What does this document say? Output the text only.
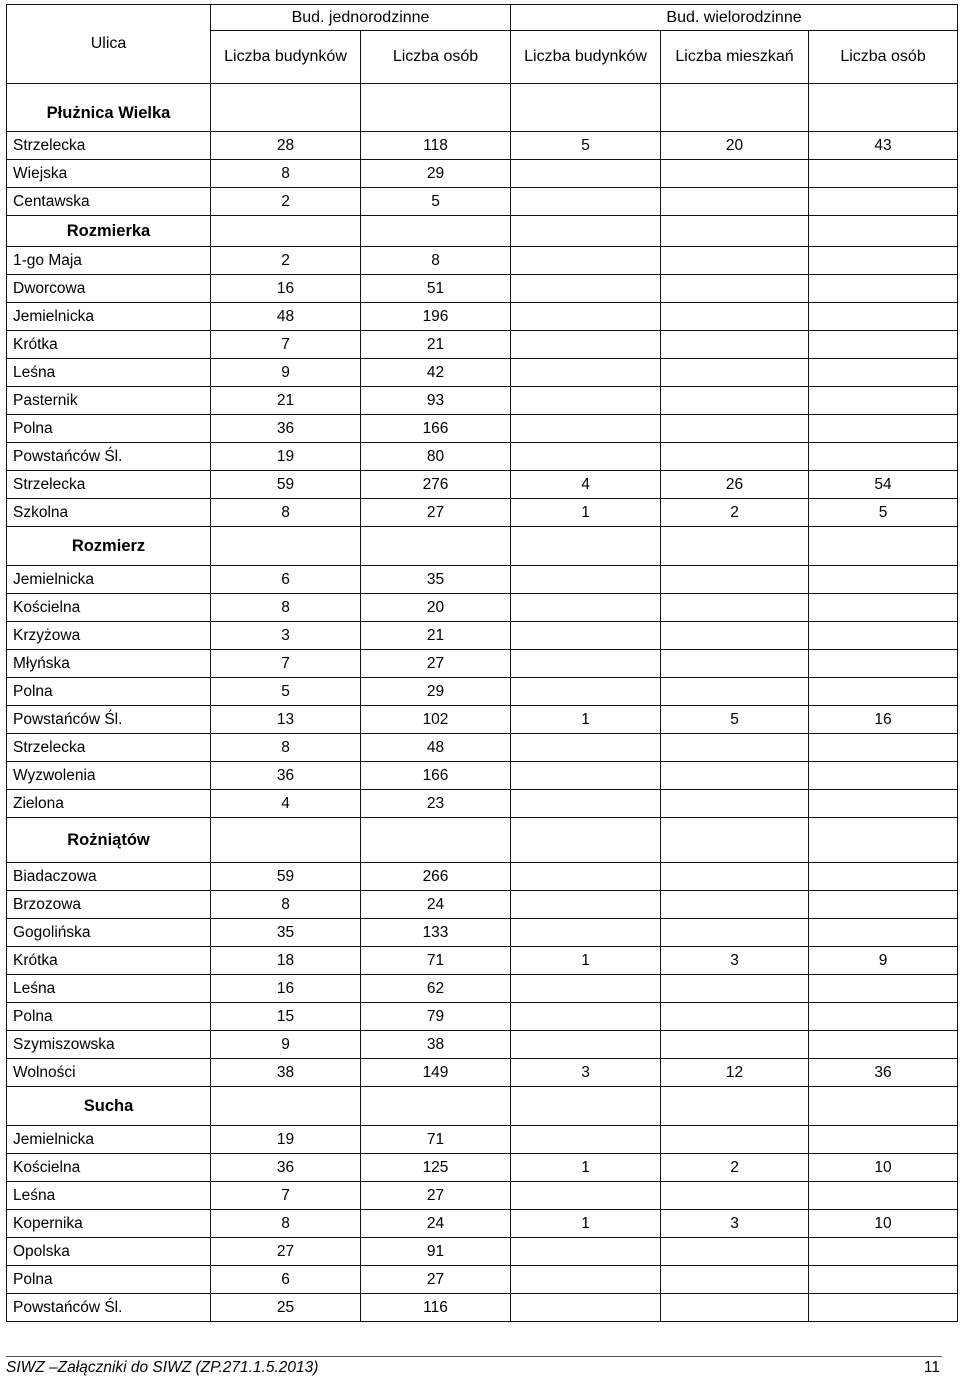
Ulica	Bud. jednorodzinne		Bud. wielorodzinne		
	Liczba budynków	Liczba osób	Liczba budynków	Liczba mieszkań	Liczba osób
Płużnica Wielka					
Strzelecka	28	118	5	20	43
Wiejska	8	29			
Centawska	2	5			
Rozmierka					
1-go Maja	2	8			
Dworcowa	16	51			
Jemielnicka	48	196			
Krótka	7	21			
Leśna	9	42			
Pasternik	21	93			
Polna	36	166			
Powstańców Śl.	19	80			
Strzelecka	59	276	4	26	54
Szkolna	8	27	1	2	5
Rozmierz					
Jemielnicka	6	35			
Kościelna	8	20			
Krzyżowa	3	21			
Młyńska	7	27			
Polna	5	29			
Powstańców Śl.	13	102	1	5	16
Strzelecka	8	48			
Wyzwolenia	36	166			
Zielona	4	23			
Rożniątów					
Biadaczowa	59	266			
Brzozowa	8	24			
Gogolińska	35	133			
Krótka	18	71	1	3	9
Leśna	16	62			
Polna	15	79			
Szymiszowska	9	38			
Wolności	38	149	3	12	36
Sucha					
Jemielnicka	19	71			
Kościelna	36	125	1	2	10
Leśna	7	27			
Kopernika	8	24	1	3	10
Opolska	27	91			
Polna	6	27			
Powstańców Śl.	25	116			
SIWZ –Załączniki do SIWZ (ZP.271.1.5.2013)	11
